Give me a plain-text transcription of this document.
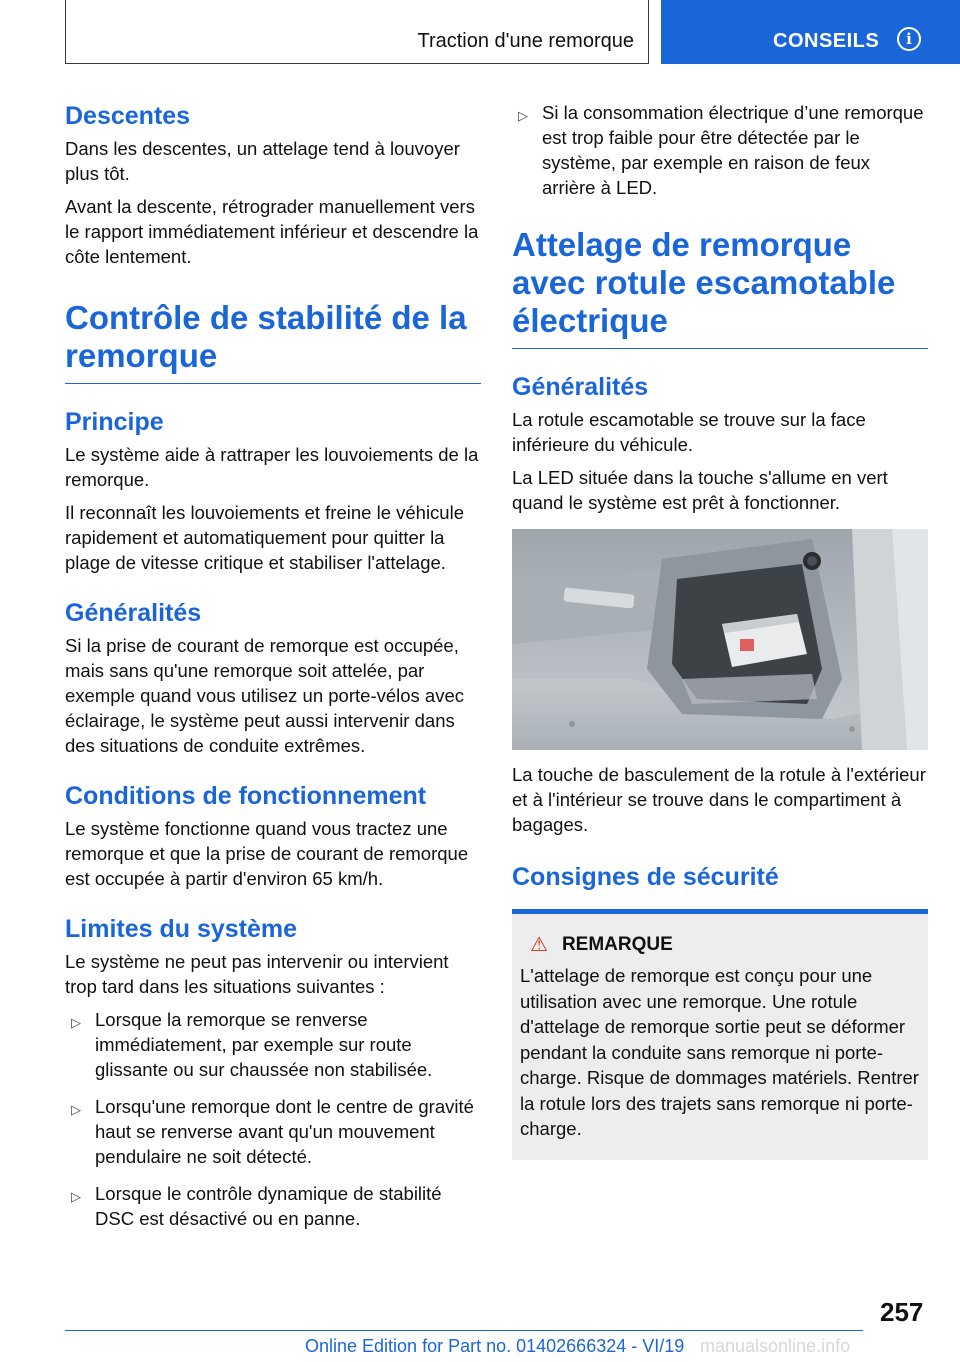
Traction d'une remorque	CONSEILS	i
Descentes

Dans les descentes, un attelage tend à louvoyer plus tôt.

Avant la descente, rétrograder manuellement vers le rapport immédiatement inférieur et descendre la côte lentement.

Contrôle de stabilité de la remorque
Principe

Le système aide à rattraper les louvoiements de la remorque.

Il reconnaît les louvoiements et freine le véhicule rapidement et automatiquement pour quitter la plage de vitesse critique et stabiliser l'attelage.

Généralités

Si la prise de courant de remorque est occupée, mais sans qu'une remorque soit attelée, par exemple quand vous utilisez un porte-vélos avec éclairage, le système peut aussi intervenir dans des situations de conduite extrêmes.

Conditions de fonctionnement

Le système fonctionne quand vous tractez une remorque et que la prise de courant de remorque est occupée à partir d'environ 65 km/h.

Limites du système

Le système ne peut pas intervenir ou intervient trop tard dans les situations suivantes :

▷ Lorsque la remorque se renverse immédiatement, par exemple sur route glissante ou sur chaussée non stabilisée.
▷ Lorsqu'une remorque dont le centre de gravité haut se renverse avant qu'un mouvement pendulaire ne soit détecté.
▷ Lorsque le contrôle dynamique de stabilité DSC est désactivé ou en panne.
▷ Si la consommation électrique d’une remorque est trop faible pour être détectée par le système, par exemple en raison de feux arrière à LED.
Attelage de remorque avec rotule escamotable électrique
Généralités

La rotule escamotable se trouve sur la face inférieure du véhicule.

La LED située dans la touche s'allume en vert quand le système est prêt à fonctionner.

La touche de basculement de la rotule à l'extérieur et à l'intérieur se trouve dans le compartiment à bagages.

Consignes de sécurité
⚠ REMARQUE

L'attelage de remorque est conçu pour une utilisation avec une remorque. Une rotule d'attelage de remorque sortie peut se déformer pendant la conduite sans remorque ni porte-charge. Risque de dommages matériels. Rentrer la rotule lors des trajets sans remorque ni porte-charge.

257
Online Edition for Part no. 01402666324 - VI/19 manualsonline.info
